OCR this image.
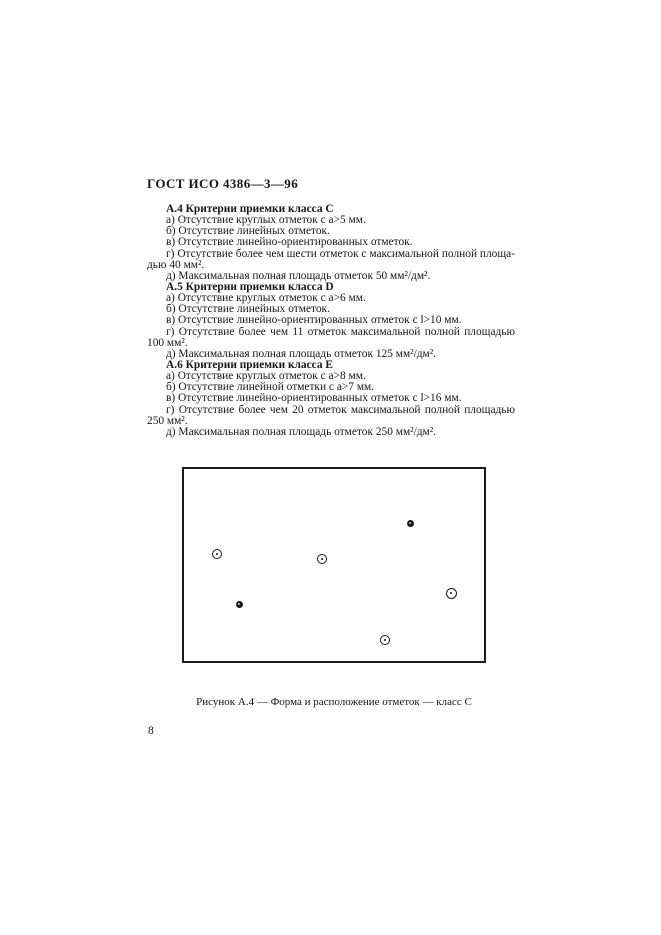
ГОСТ ИСО 4386—3—96
А.4 Критерии приемки класса С
а) Отсутствие круглых отметок с а>5 мм.
б) Отсутствие линейных отметок.
в) Отсутствие линейно-ориентированных отметок.
г) Отсутствие более чем шести отметок с максимальной полной площа-
дью 40 мм².
д) Максимальная полная площадь отметок 50 мм²/дм².
А.5 Критерии приемки класса D
а) Отсутствие круглых отметок с а>6 мм.
б) Отсутствие линейных отметок.
в) Отсутствие линейно-ориентированных отметок с l>10 мм.
г) Отсутствие более чем 11 отметок максимальной полной площадью
100 мм².
д) Максимальная полная площадь отметок 125 мм²/дм².
А.6 Критерии приемки класса Е
а) Отсутствие круглых отметок с а>8 мм.
б) Отсутствие линейной отметки с а>7 мм.
в) Отсутствие линейно-ориентированных отметок с l>16 мм.
г) Отсутствие более чем 20 отметок максимальной полной площадью
250 мм².
д) Максимальная полная площадь отметок 250 мм²/дм².
Рисунок А.4 — Форма и расположение отметок — класс С
8
